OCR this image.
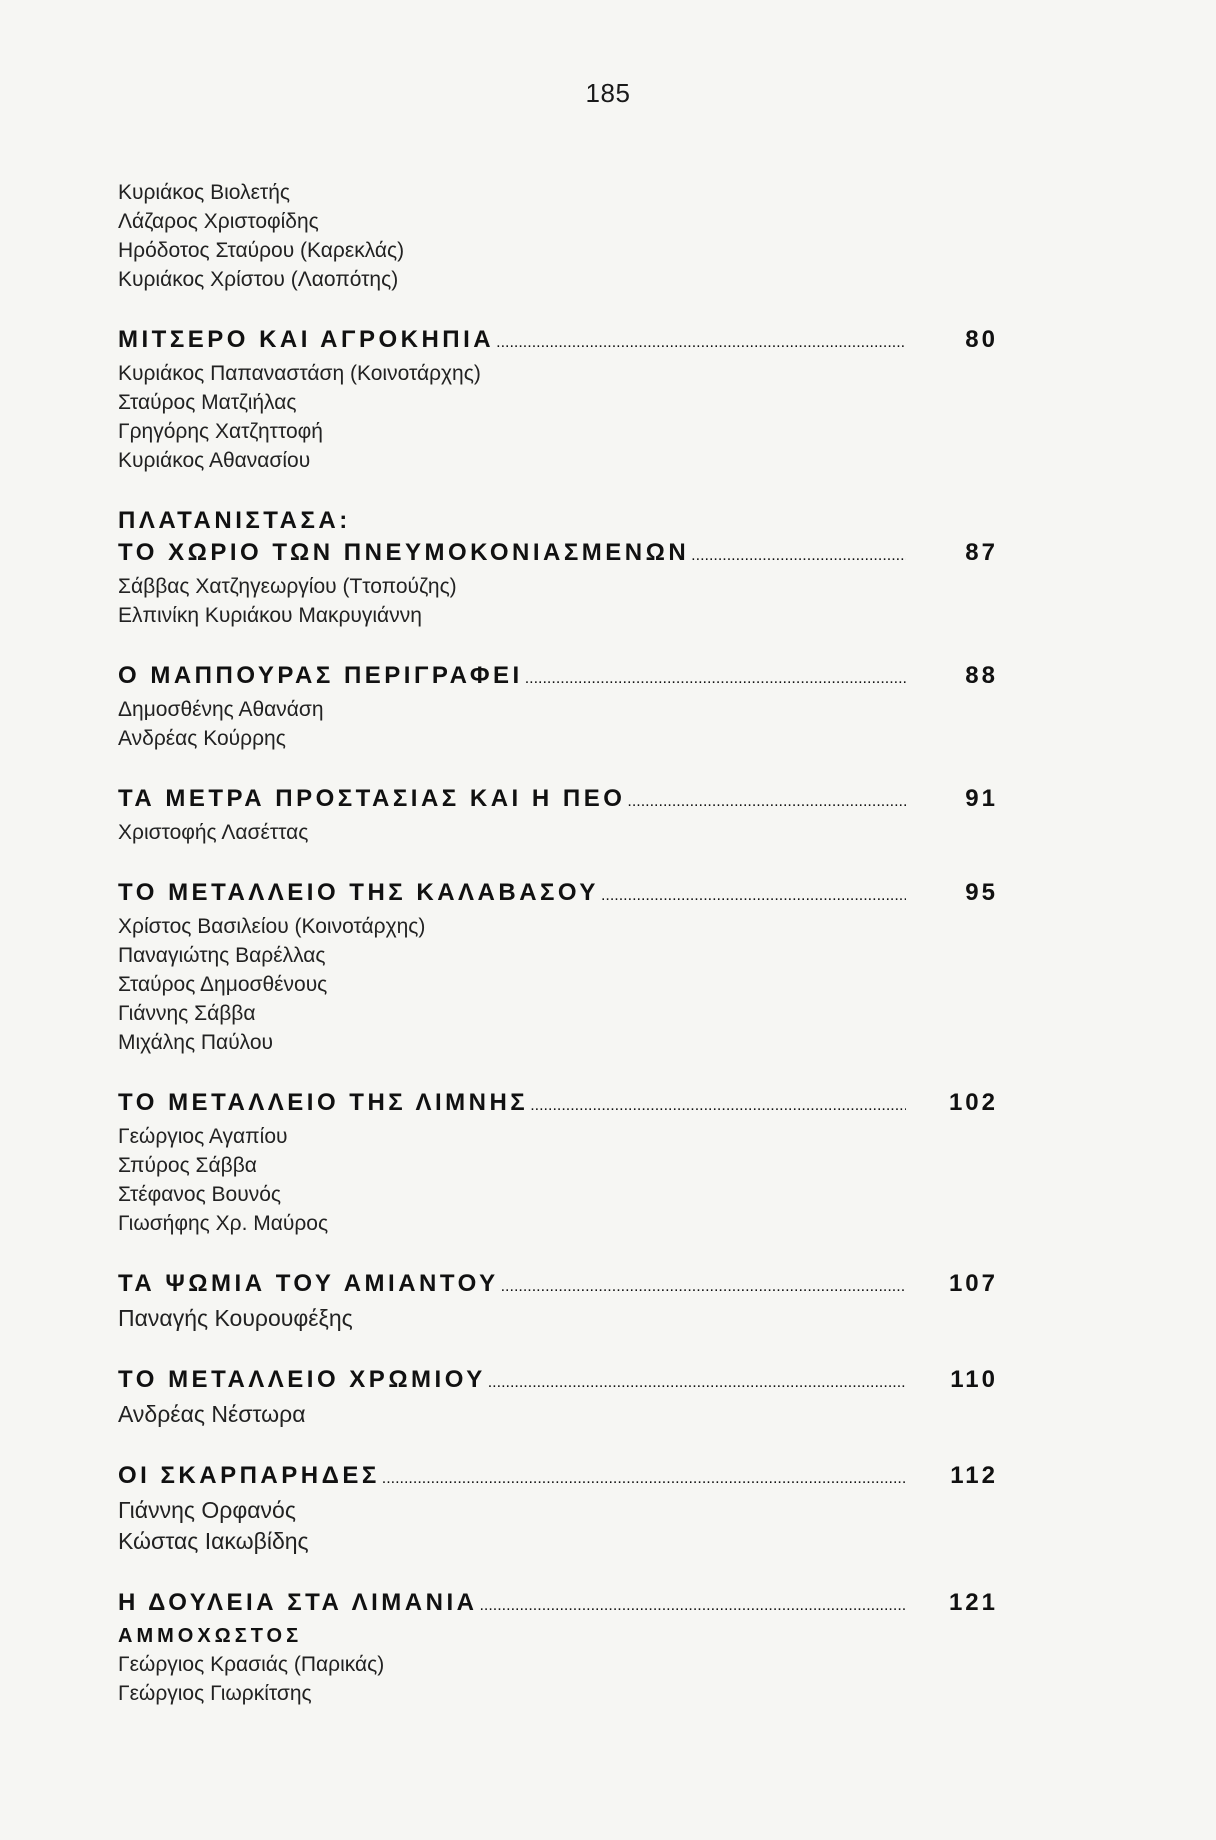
185
Κυριάκος Βιολετής
Λάζαρος Χριστοφίδης
Ηρόδοτος Σταύρου (Καρεκλάς)
Κυριάκος Χρίστου (Λαοπότης)
ΜΙΤΣΕΡΟ ΚΑΙ ΑΓΡΟΚΗΠΙΑ .....	80
Κυριάκος Παπαναστάση (Κοινοτάρχης)
Σταύρος Ματζιήλας
Γρηγόρης Χατζηττοφή
Κυριάκος Αθανασίου
ΠΛΑΤΑΝΙΣΤΑΣΑ:
ΤΟ ΧΩΡΙΟ ΤΩΝ ΠΝΕΥΜΟΚΟΝΙΑΣΜΕΝΩΝ .....	87
Σάββας Χατζηγεωργίου (Ττοπούζης)
Ελπινίκη Κυριάκου Μακρυγιάννη
Ο ΜΑΠΠΟΥΡΑΣ ΠΕΡΙΓΡΑΦΕΙ .....	88
Δημοσθένης Αθανάση
Ανδρέας Κούρρης
ΤΑ ΜΕΤΡΑ ΠΡΟΣΤΑΣΙΑΣ ΚΑΙ Η ΠΕΟ .....	91
Χριστοφής Λασέττας
ΤΟ ΜΕΤΑΛΛΕΙΟ ΤΗΣ ΚΑΛΑΒΑΣΟΥ .....	95
Χρίστος Βασιλείου (Κοινοτάρχης)
Παναγιώτης Βαρέλλας
Σταύρος Δημοσθένους
Γιάννης Σάββα
Μιχάλης Παύλου
ΤΟ ΜΕΤΑΛΛΕΙΟ ΤΗΣ ΛΙΜΝΗΣ .....	102
Γεώργιος Αγαπίου
Σπύρος Σάββα
Στέφανος Βουνός
Γιωσήφης Χρ. Μαύρος
ΤΑ ΨΩΜΙΑ ΤΟΥ ΑΜΙΑΝΤΟΥ .....	107
Παναγής Κουρουφέξης
ΤΟ ΜΕΤΑΛΛΕΙΟ ΧΡΩΜΙΟΥ .....	110
Ανδρέας Νέστωρα
ΟΙ ΣΚΑΡΠΑΡΗΔΕΣ .....	112
Γιάννης Ορφανός
Κώστας Ιακωβίδης
Η ΔΟΥΛΕΙΑ ΣΤΑ ΛΙΜΑΝΙΑ .....	121
ΑΜΜΟΧΩΣΤΟΣ
Γεώργιος Κρασιάς (Παρικάς)
Γεώργιος Γιωρκίτσης
